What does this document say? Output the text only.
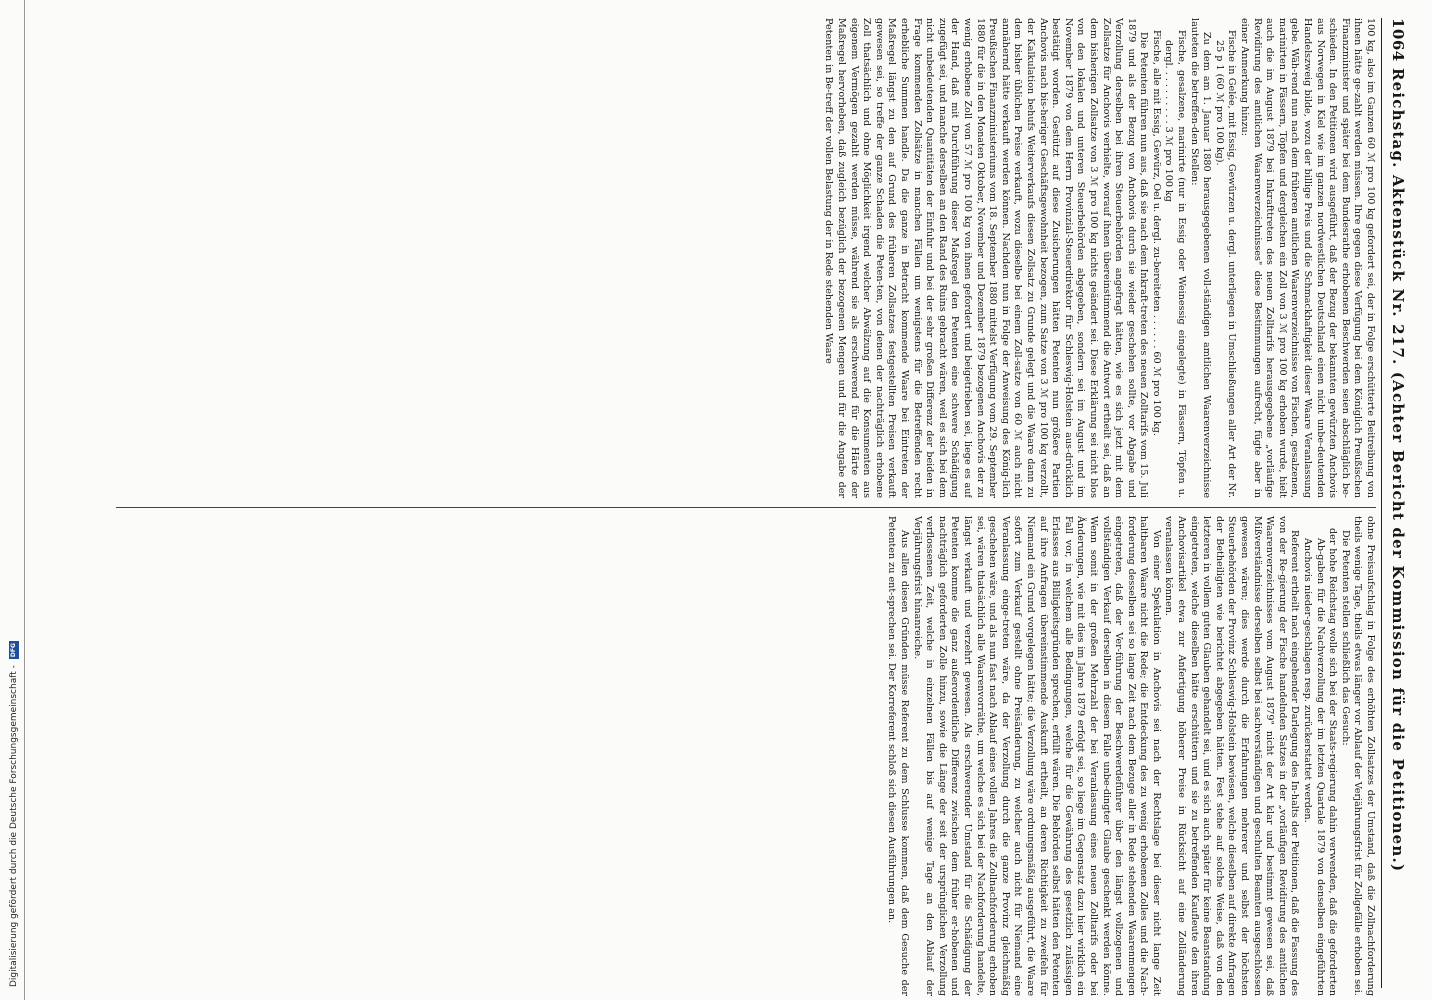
1064
Reichstag. Aktenstück Nr. 217. (Achter Bericht der Kommission für die Petitionen.)

100 kg, also im Ganzen 60 ℳ pro 100 kg gefordert sei, der in Folge erschütterte Beitreibung von ihnen hätte ge-zahlt werden müssen. Ihre gegen diese Verfügung bei dem Königlich Preußischen Finanzminister und später bei dem Bundesrathe erhobenen Beschwerden seien abschläglich be-schieden. In den Petitionen wird ausgeführt, daß der Bezug der bekannten gewürzten Anchovis aus Norwegen in Kiel wie im ganzen nordwestlichen Deutschland einen nicht unbe-deutenden Handelszweig bilde, wozu der billige Preis und die Schmackhaftigkeit dieser Waare Veranlassung gebe. Wäh-rend nun nach dem früheren amtlichen Waarenverzeichnisse von Fischen, gesalzenen, marinirten in Fässern, Töpfen und dergleichen ein Zoll von 3 ℳ pro 100 kg erhoben wurde, hielt auch die im August 1879 bei Inkrafttreten des neuen Zolltarifs herausgegebene „vorläufige Revidirung des amtlichen Waarenverzeichnisses" diese Bestimmungen aufrecht, fügte aber in einer Anmerkung hinzu:

Fische in Gelée, mit Essig, Gewürzen u. dergl. unterliegen in Umschließungen aller Art der Nr. 25 p 1 (60 ℳ pro 100 kg).

Zu dem am 1. Januar 1880 herausgegebenen voll-ständigen amtlichen Waarenverzeichnisse lauteten die betreffen-den Stellen:

Fische, gesalzene, marinirte (nur in Essig oder Weinessig eingelegte) in Fässern, Töpfen u. dergl. . . . . . . . . . 3 ℳ pro 100 kg

Fische, alle mit Essig, Gewürz, Oel u. dergl. zu-bereiteten . . . . . . 60 ℳ pro 100 kg.

Die Petenten führen nun aus, daß sie nach dem Inkraft-treten des neuen Zolltarifs vom 15. Juli 1879 und als der Bezug von Anchovis durch sie wieder geschehen sollte, vor Abgabe und Verzollung derselben bei ihren Steuerbehörden angefragt hätten, wie es sich jetzt mit dem Zollsatze für Anchovis verhielte, worauf ihnen übereinstimmend die Antwort ertheilt sei, daß an dem bisherigen Zollsatze von 3 ℳ pro 100 kg nichts geändert sei. Diese Erklärung sei nicht blos von den lokalen und unteren Steuerbehörden abgegeben, sondern sei im August und im November 1879 von dem Herrn Provinzial-Steuerdirektor für Schleswig-Holstein aus-drücklich bestätigt worden. Gestützt auf diese Zusicherungen hätten Petenten nun größere Partien Anchovis nach bis-heriger Geschäftsgewohnheit bezogen, zum Satze von 3 ℳ pro 100 kg verzollt, der Kalkulation behufs Weiterverkaufs diesen Zollsatz zu Grunde gelegt und die Waare dann zu dem bisher üblichen Preise verkauft, wozu dieselbe bei einem Zoll-satze von 60 ℳ auch nicht annähernd hätte verkauft werden können. Nachdem nun in Folge der Anweisung des König-lich Preußischen Finanzministeriums vom 18. September 1880 mittelst Verfügung vom 29. September 1880 für die in den Monaten Oktober, November und Dezember 1879 bezogenen Anchovis der zu wenig erhobene Zoll von 57 ℳ pro 100 kg von ihnen gefordert und beigetrieben sei, liege es auf der Hand, daß mit Durchführung dieser Maßregel den Petenten eine schwere Schädigung zugefügt sei, und manche derselben an den Rand des Ruins gebracht wären, weil es sich bei dem nicht unbedeutenden Quantitäten der Einfuhr und bei der sehr großen Differenz der beiden in Frage kommenden Zollsätze in manchen Fällen um wenigstens für die Betreffenden recht erhebliche Summen handle. Da die ganze in Betracht kommende Waare bei Eintreten der Maßregel längst zu den auf Grund des früheren Zollsatzes festgestellten Preisen verkauft gewesen sei, so treffe der ganze Schaden die Peten-ten, von denen der nachträglich erhobene Zoll thatsächlich und ohne Möglichkeit irgend welcher Abwälzung auf die Konsumenten aus eigenem Vermögen gezahlt werden müsse, während sie als erschwerend für die Härte der Maßregel hervorheben, daß zugleich bezüglich der bezogenen Mengen und für die Angabe der Petenten in Be-treff der vollen Belastung der in Rede stehenden Waare

ohne Preisaufschlag in Folge des erhöhten Zollsatzes der Umstand, daß die Zollnachforderung theils wenige Tage, theils etwas länger vor Ablauf der Verjährungsfrist für Zollgefälle erhoben sei.

Die Petenten stellen schließlich das Gesuch:

der hohe Reichstag wolle sich bei der Staats-regierung dahin verwenden, daß die geforderten Ab-gaben für die Nachverzollung der im letzten Quartale 1879 von denselben eingeführten Anchovis nieder-geschlagen resp. zurückerstattet werden.

Referent ertheilt nach eingehender Darlegung des In-halts der Petitionen, daß die Fassung des von der Re-gierung der Fische handelnden Satzes in der „vorläufigen Revidirung des amtlichen Waarenverzeichnisses vom August 1879" nicht der Art klar und bestimmt gewesen sei, daß Mißverständnisse derselben selbst bei sachverständigen und geschulten Beamten ausgeschlossen gewesen wären; dies werde durch die Erfahrungen mehrerer und selbst der höchsten Steuerbehörden der Provinz Schleswig-Holstein bewiesen, welche dieselben auf direkte Anfragen der Betheiligten wie berichtet abgegeben hätten. Fest stehe auf solche Weise, daß von den letzteren in vollem guten Glauben gehandelt sei, und es sich auch später für keine Beanstandung eingetreten, welche dieselben hätte erschüttern und sie zu betreffenden Kaufleute den ihren Anchovisartikel etwa zur Anfertigung höherer Preise in Rücksicht auf eine Zolländerung veranlassen können.

Von einer Spekulation in Anchovis sei nach der Rechtslage bei dieser nicht lange Zeit haltbaren Waare nicht die Rede; die Entdeckung des zu wenig erhobenen Zolles und die Nach-forderung desselben sei so lange Zeit nach dem Bezuge aller in Rede stehenden Waarenmengen eingetreten, daß der Ver-führung der Beschwerdeführer über den längst vollzogenen und vollständigen Verkauf derselben in diesem Falle unbe-dingter Glaube geschenkt werden könne. Wenn somit in der großen Mehrzahl der bei Veranlassung eines neuen Zolltarifs oder bei Änderungen, wie mit dies im Jahre 1879 erfolgt sei, so liege im Gegensatz dazu hier wirklich ein Fall vor, in welchem alle Bedingungen, welche für die Gewährung des gesetzlich zulässigen Erlasses aus Billigkeitsgründen sprechen, erfüllt wären. Die Behörden selbst hätten den Petenten auf ihre Anfragen übereinstimmende Auskunft ertheilt, an deren Richtigkeit zu zweifeln für Niemand ein Grund vorgelegen hätte; die Verzollung wäre ordnungsmäßig ausgeführt, die Waare sofort zum Verkauf gestellt ohne Preisänderung, zu welcher auch nicht für Niemand eine Veranlassung einge-treten wäre, da der Verzollung durch die ganze Provinz gleichmäßig geschehen wäre, und als nun fast nach Ablauf eines vollen Jahres die Zollnachforderung erhoben sei, wären thatsächlich alle Waarenvorräthe, um welche es sich bei der Nachforderung handelte, längst verkauft und verzehrt gewesen. Als erschwerender Umstand für die Schädigung der Petenten komme die ganz außerordentliche Differenz zwischen dem früher er-hobenen und nachträglich geforderten Zolle hinzu, sowie die Länge der seit der ursprünglichen Verzollung verflossenen Zeit, welche in einzelnen Fällen bis auf wenige Tage an den Ablauf der Verjährungsfrist hinanreiche.

Aus allen diesen Gründen müsse Referent zu dem Schlusse kommen, daß dem Gesuche der Petenten zu ent-sprechen sei. Der Korreferent schloß sich diesen Ausführungen an.

Digitalisierung gefördert durch die Deutsche Forschungsgemeinschaft -
DFG
